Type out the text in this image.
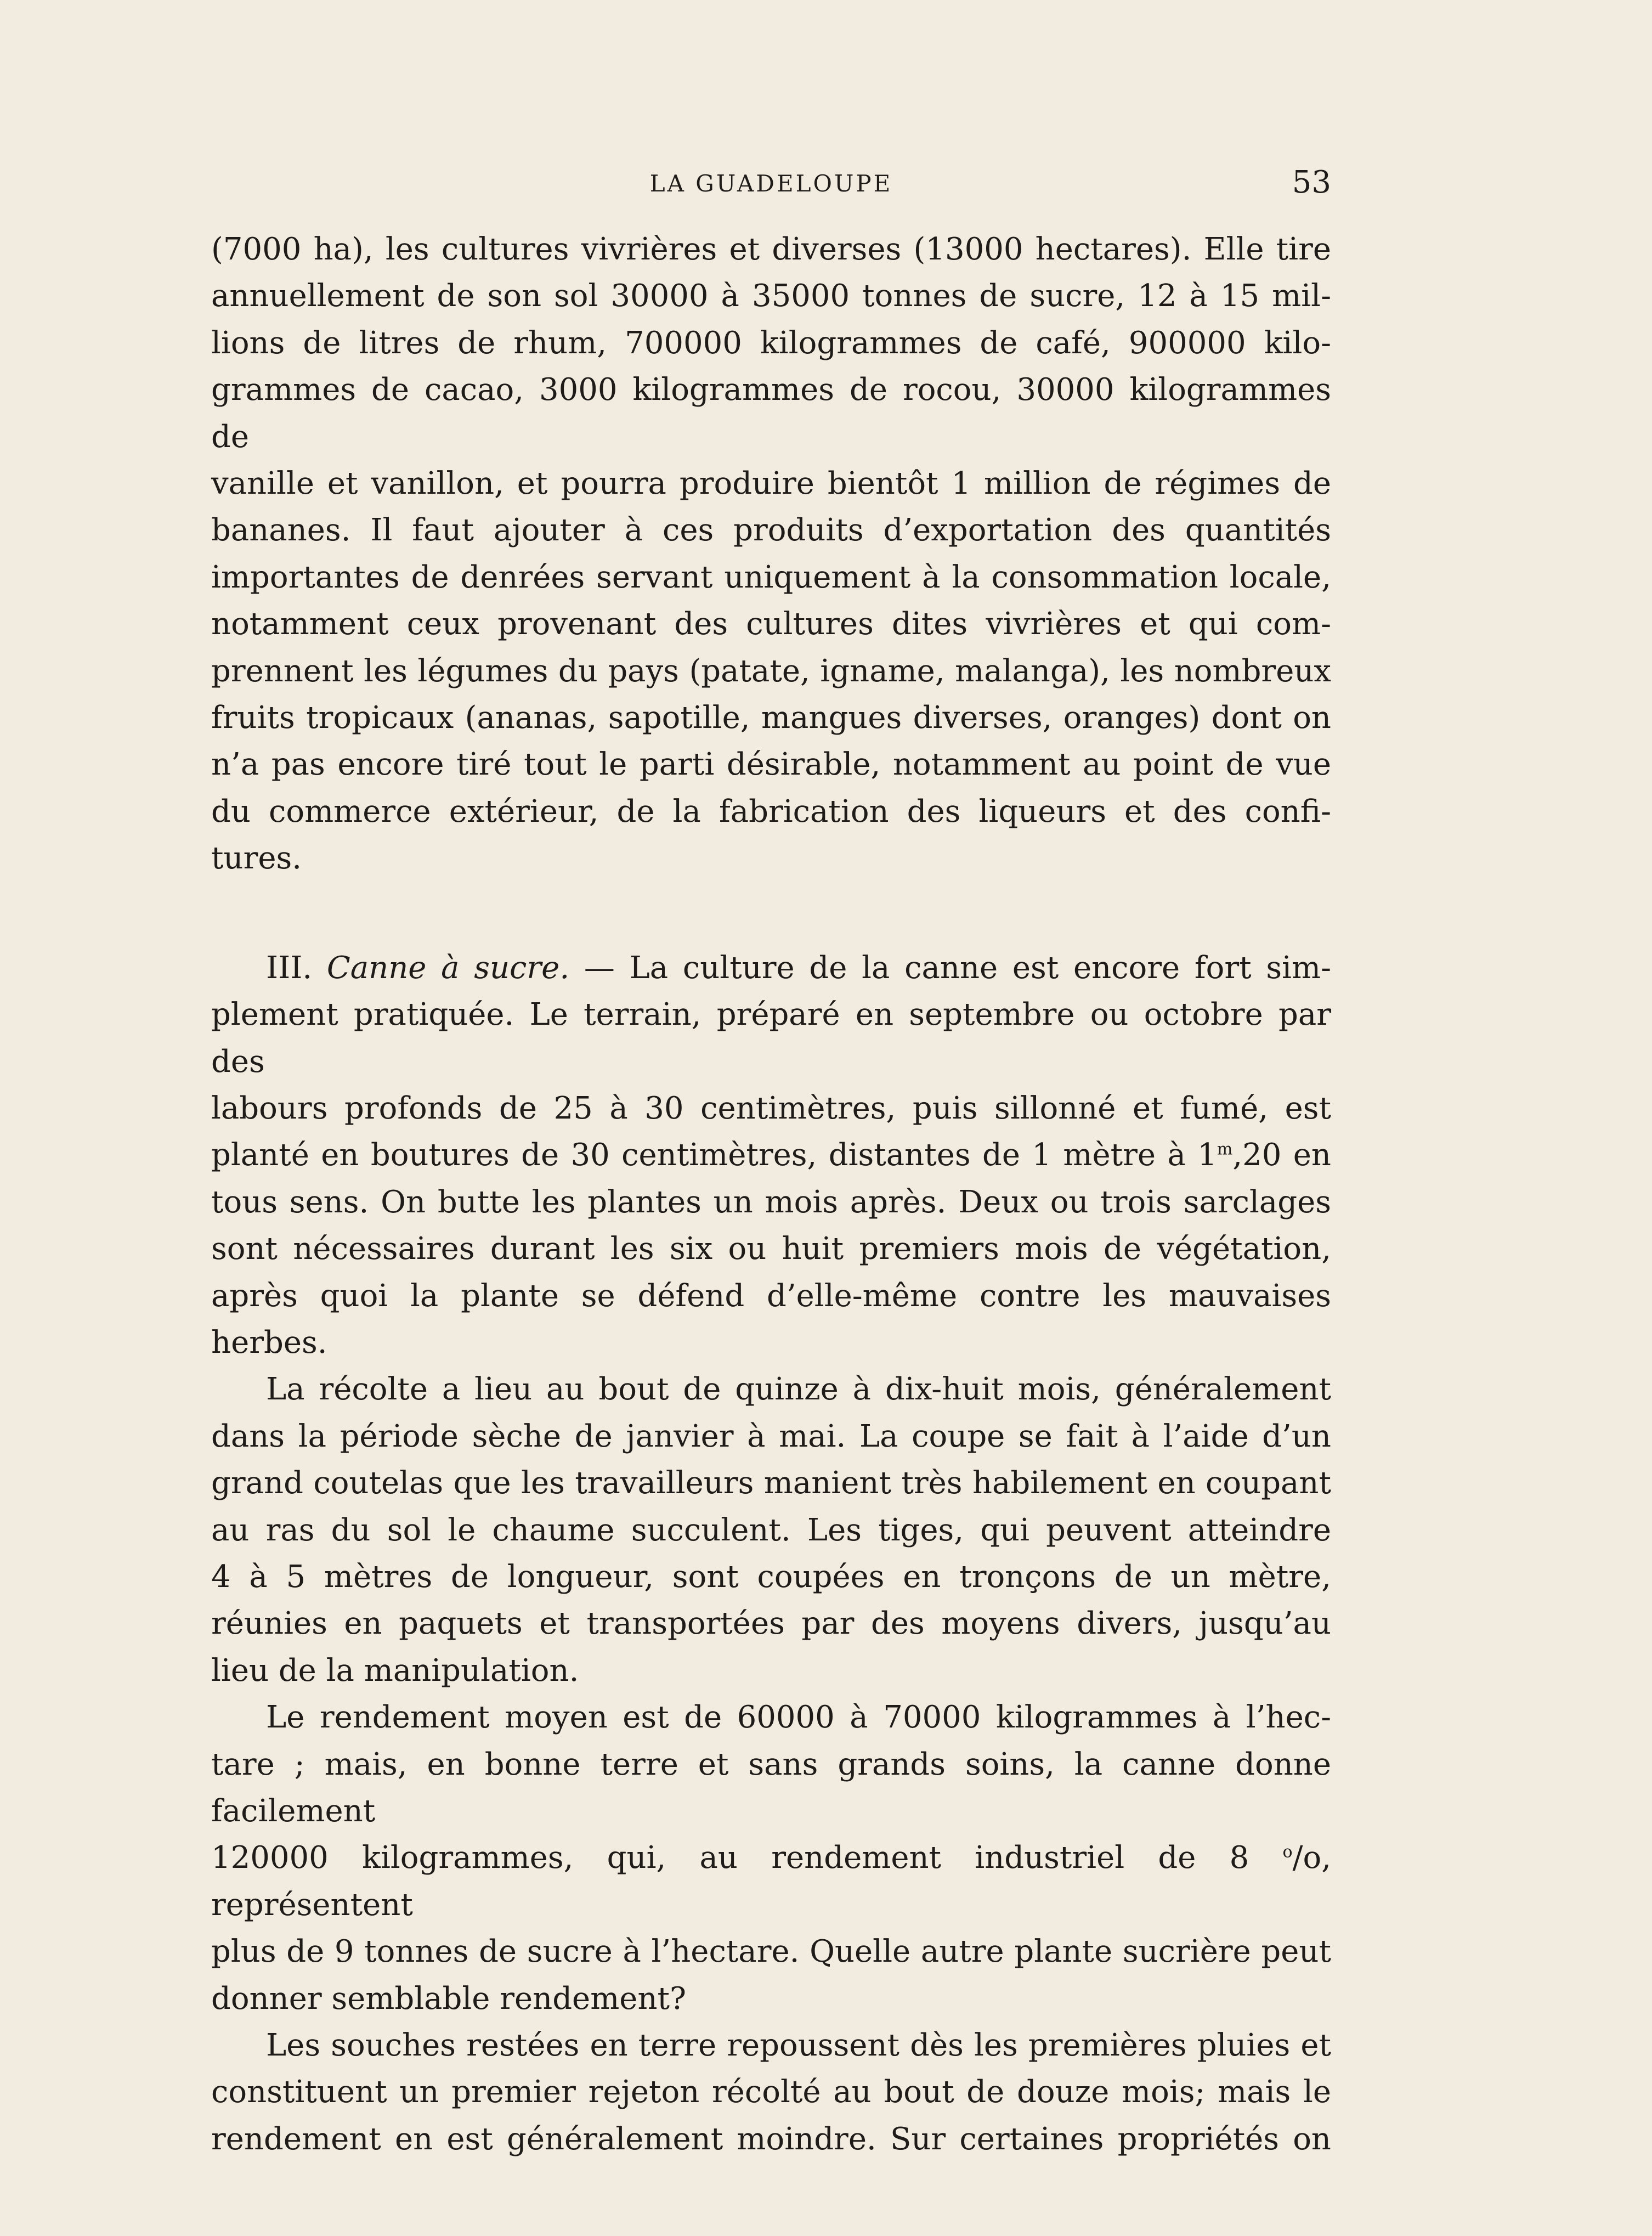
LA GUADELOUPE	53

(7000 ha), les cultures vivrières et diverses (13000 hectares). Elle tire

annuellement de son sol 30000 à 35000 tonnes de sucre, 12 à 15 mil-

lions de litres de rhum, 700000 kilogrammes de café, 900000 kilo-

grammes de cacao, 3000 kilogrammes de rocou, 30000 kilogrammes de

vanille et vanillon, et pourra produire bientôt 1 million de régimes de

bananes. Il faut ajouter à ces produits d’exportation des quantités

importantes de denrées servant uniquement à la consommation locale,

notamment ceux provenant des cultures dites vivrières et qui com-

prennent les légumes du pays (patate, igname, malanga), les nombreux

fruits tropicaux (ananas, sapotille, mangues diverses, oranges) dont on

n’a pas encore tiré tout le parti désirable, notamment au point de vue

du commerce extérieur, de la fabrication des liqueurs et des confi-

tures.

III. Canne à sucre. — La culture de la canne est encore fort sim-

plement pratiquée. Le terrain, préparé en septembre ou octobre par des

labours profonds de 25 à 30 centimètres, puis sillonné et fumé, est

planté en boutures de 30 centimètres, distantes de 1 mètre à 1$^m$,20 en

tous sens. On butte les plantes un mois après. Deux ou trois sarclages

sont nécessaires durant les six ou huit premiers mois de végétation,

après quoi la plante se défend d’elle-même contre les mauvaises

herbes.

La récolte a lieu au bout de quinze à dix-huit mois, généralement

dans la période sèche de janvier à mai. La coupe se fait à l’aide d’un

grand coutelas que les travailleurs manient très habilement en coupant

au ras du sol le chaume succulent. Les tiges, qui peuvent atteindre

4 à 5 mètres de longueur, sont coupées en tronçons de un mètre,

réunies en paquets et transportées par des moyens divers, jusqu’au

lieu de la manipulation.

Le rendement moyen est de 60000 à 70000 kilogrammes à l’hec-

tare ; mais, en bonne terre et sans grands soins, la canne donne facilement

120000 kilogrammes, qui, au rendement industriel de 8 $^o$/o, représentent

plus de 9 tonnes de sucre à l’hectare. Quelle autre plante sucrière peut

donner semblable rendement?

Les souches restées en terre repoussent dès les premières pluies et

constituent un premier rejeton récolté au bout de douze mois; mais le

rendement en est généralement moindre. Sur certaines propriétés on
